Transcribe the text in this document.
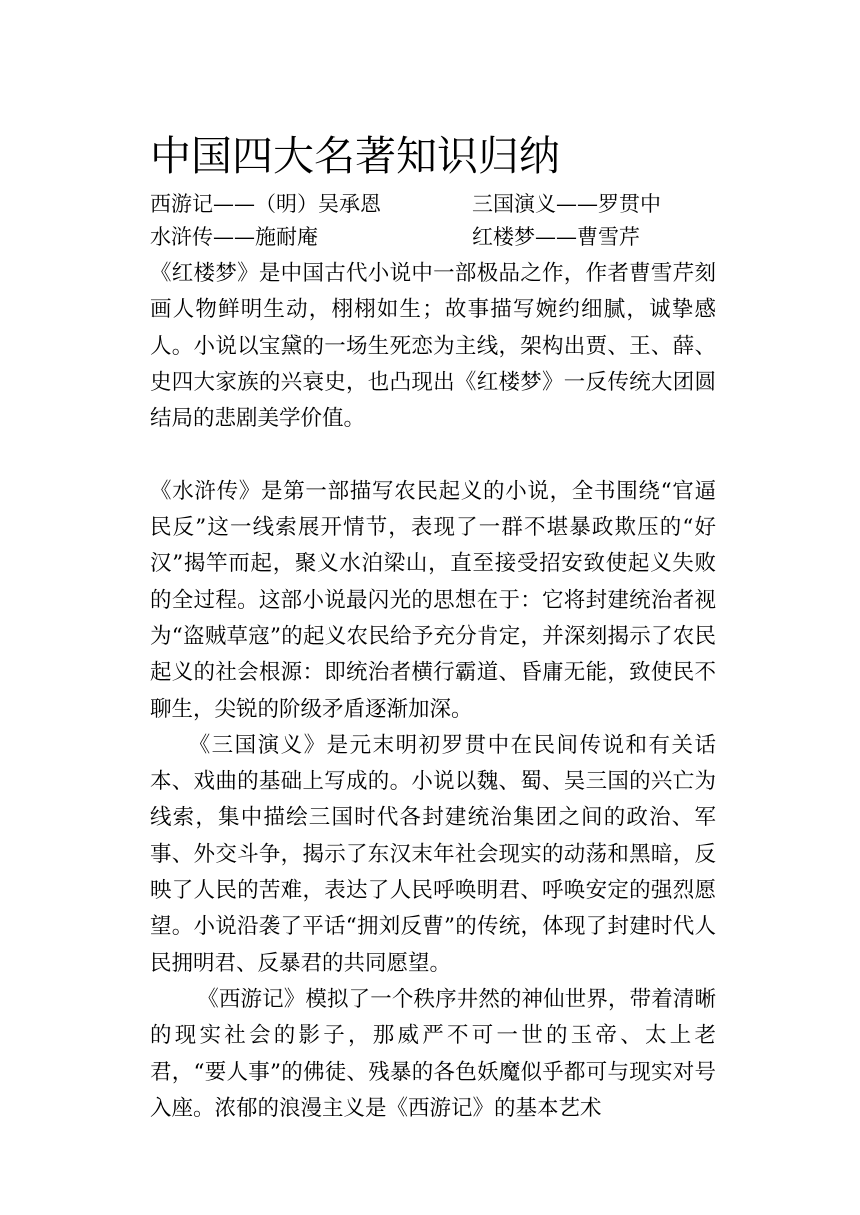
中国四大名著知识归纳
西游记——（明）吴承恩	三国演义——罗贯中
水浒传——施耐庵	红楼梦——曹雪芹

《红楼梦》是中国古代小说中一部极品之作，作者曹雪芹刻画人物鲜明生动，栩栩如生；故事描写婉约细腻，诚挚感人。小说以宝黛的一场生死恋为主线，架构出贾、王、薛、史四大家族的兴衰史，也凸现出《红楼梦》一反传统大团圆结局的悲剧美学价值。

《水浒传》是第一部描写农民起义的小说，全书围绕“官逼民反”这一线索展开情节，表现了一群不堪暴政欺压的“好汉”揭竿而起，聚义水泊梁山，直至接受招安致使起义失败的全过程。这部小说最闪光的思想在于：它将封建统治者视为“盗贼草寇”的起义农民给予充分肯定，并深刻揭示了农民起义的社会根源：即统治者横行霸道、昏庸无能，致使民不聊生，尖锐的阶级矛盾逐渐加深。

《三国演义》是元末明初罗贯中在民间传说和有关话本、戏曲的基础上写成的。小说以魏、蜀、吴三国的兴亡为线索，集中描绘三国时代各封建统治集团之间的政治、军事、外交斗争，揭示了东汉末年社会现实的动荡和黑暗，反映了人民的苦难，表达了人民呼唤明君、呼唤安定的强烈愿望。小说沿袭了平话“拥刘反曹”的传统，体现了封建时代人民拥明君、反暴君的共同愿望。

《西游记》模拟了一个秩序井然的神仙世界，带着清晰的现实社会的影子，那威严不可一世的玉帝、太上老君，“要人事”的佛徒、残暴的各色妖魔似乎都可与现实对号入座。浓郁的浪漫主义是《西游记》的基本艺术
